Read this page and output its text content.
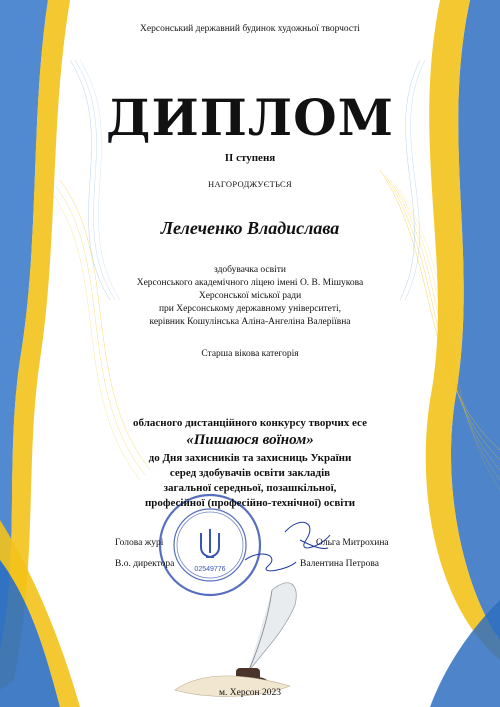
02549776
Херсонський державний будинок художньої творчості
ДИПЛОМ
ІІ ступеня
НАГОРОДЖУЄТЬСЯ
Лелеченко Владислава
здобувачка освіти
Херсонського академічного ліцею імені О. В. Мішукова
Херсонської міської ради
при Херсонському державному університеті,
керівник Кошулінська Аліна-Ангеліна Валеріївна
Старша вікова категорія
обласного дистанційного конкурсу творчих есе
«Пишаюся воїном»
до Дня захисників та захисниць України
серед здобувачів освіти закладів
загальної середньої, позашкільної,
професійної (професійно-технічної) освіти
Голова журі	Ольга Митрохина
В.о. директора	Валентина Петрова
м. Херсон 2023
